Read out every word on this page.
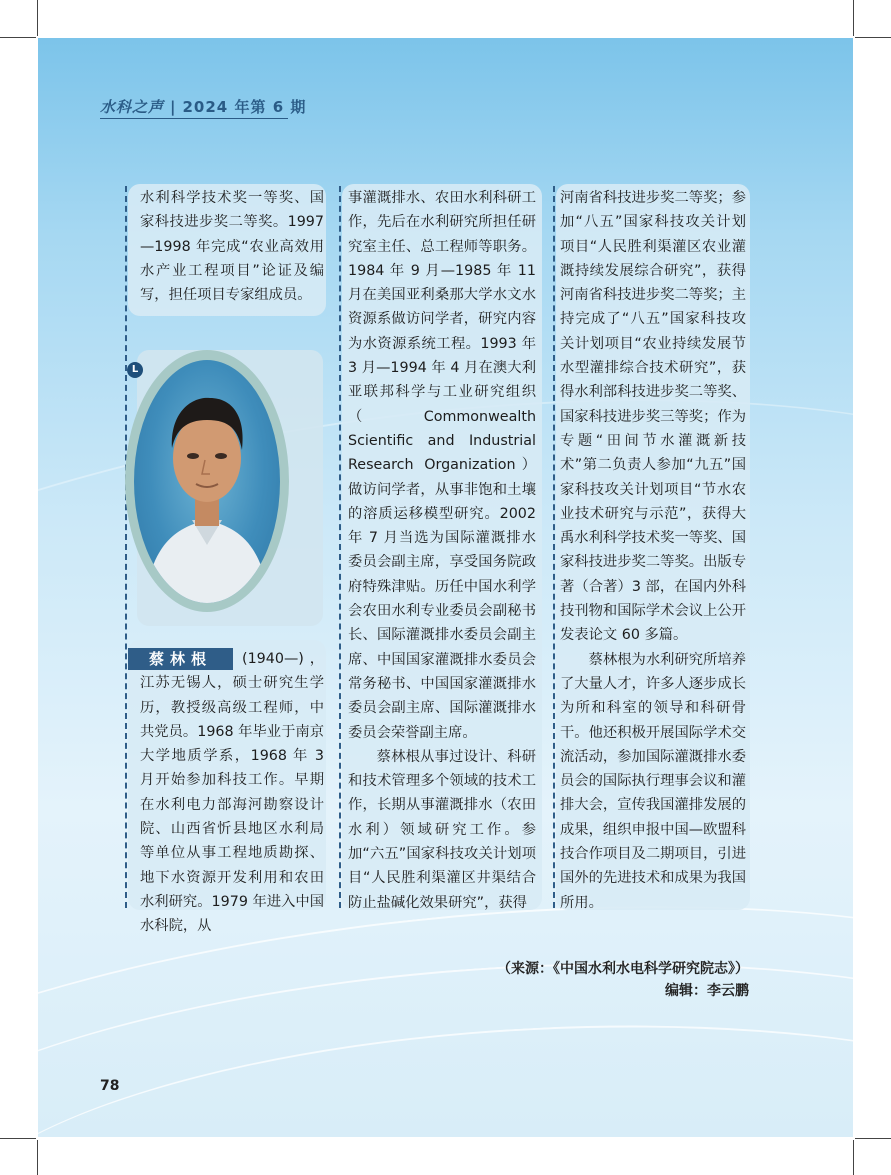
水科之声 | 2024 年第 6 期

水利科学技术奖一等奖、国家科技进步奖二等奖。1997—1998 年完成“农业高效用水产业工程项目”论证及编写，担任项目专家组成员。

L
蔡林根	(1940—)，江苏无锡人，硕士研究生学历，教授级高级工程师，中共党员。1968 年毕业于南京大学地质学系，1968 年 3 月开始参加科技工作。早期在水利电力部海河勘察设计院、山西省忻县地区水利局等单位从事工程地质勘探、地下水资源开发利用和农田水利研究。1979 年进入中国水科院，从

事灌溉排水、农田水利科研工作，先后在水利研究所担任研究室主任、总工程师等职务。1984 年 9 月—1985 年 11 月在美国亚利桑那大学水文水资源系做访问学者，研究内容为水资源系统工程。1993 年 3 月—1994 年 4 月在澳大利亚联邦科学与工业研究组织（Commonwealth Scientific and Industrial Research Organization）做访问学者，从事非饱和土壤的溶质运移模型研究。2002 年 7 月当选为国际灌溉排水委员会副主席，享受国务院政府特殊津贴。历任中国水利学会农田水利专业委员会副秘书长、国际灌溉排水委员会副主席、中国国家灌溉排水委员会常务秘书、中国国家灌溉排水委员会副主席、国际灌溉排水委员会荣誉副主席。

蔡林根从事过设计、科研和技术管理多个领域的技术工作，长期从事灌溉排水（农田水利）领域研究工作。参加“六五”国家科技攻关计划项目“人民胜利渠灌区井渠结合防止盐碱化效果研究”，获得

河南省科技进步奖二等奖；参加“八五”国家科技攻关计划项目“人民胜利渠灌区农业灌溉持续发展综合研究”，获得河南省科技进步奖二等奖；主持完成了“八五”国家科技攻关计划项目“农业持续发展节水型灌排综合技术研究”，获得水利部科技进步奖二等奖、国家科技进步奖三等奖；作为专题“田间节水灌溉新技术”第二负责人参加“九五”国家科技攻关计划项目“节水农业技术研究与示范”，获得大禹水利科学技术奖一等奖、国家科技进步奖二等奖。出版专著（合著）3 部，在国内外科技刊物和国际学术会议上公开发表论文 60 多篇。

蔡林根为水利研究所培养了大量人才，许多人逐步成长为所和科室的领导和科研骨干。他还积极开展国际学术交流活动，参加国际灌溉排水委员会的国际执行理事会议和灌排大会，宣传我国灌排发展的成果，组织申报中国—欧盟科技合作项目及二期项目，引进国外的先进技术和成果为我国所用。

（来源：《中国水利水电科学研究院志》）
编辑：李云鹏
78
